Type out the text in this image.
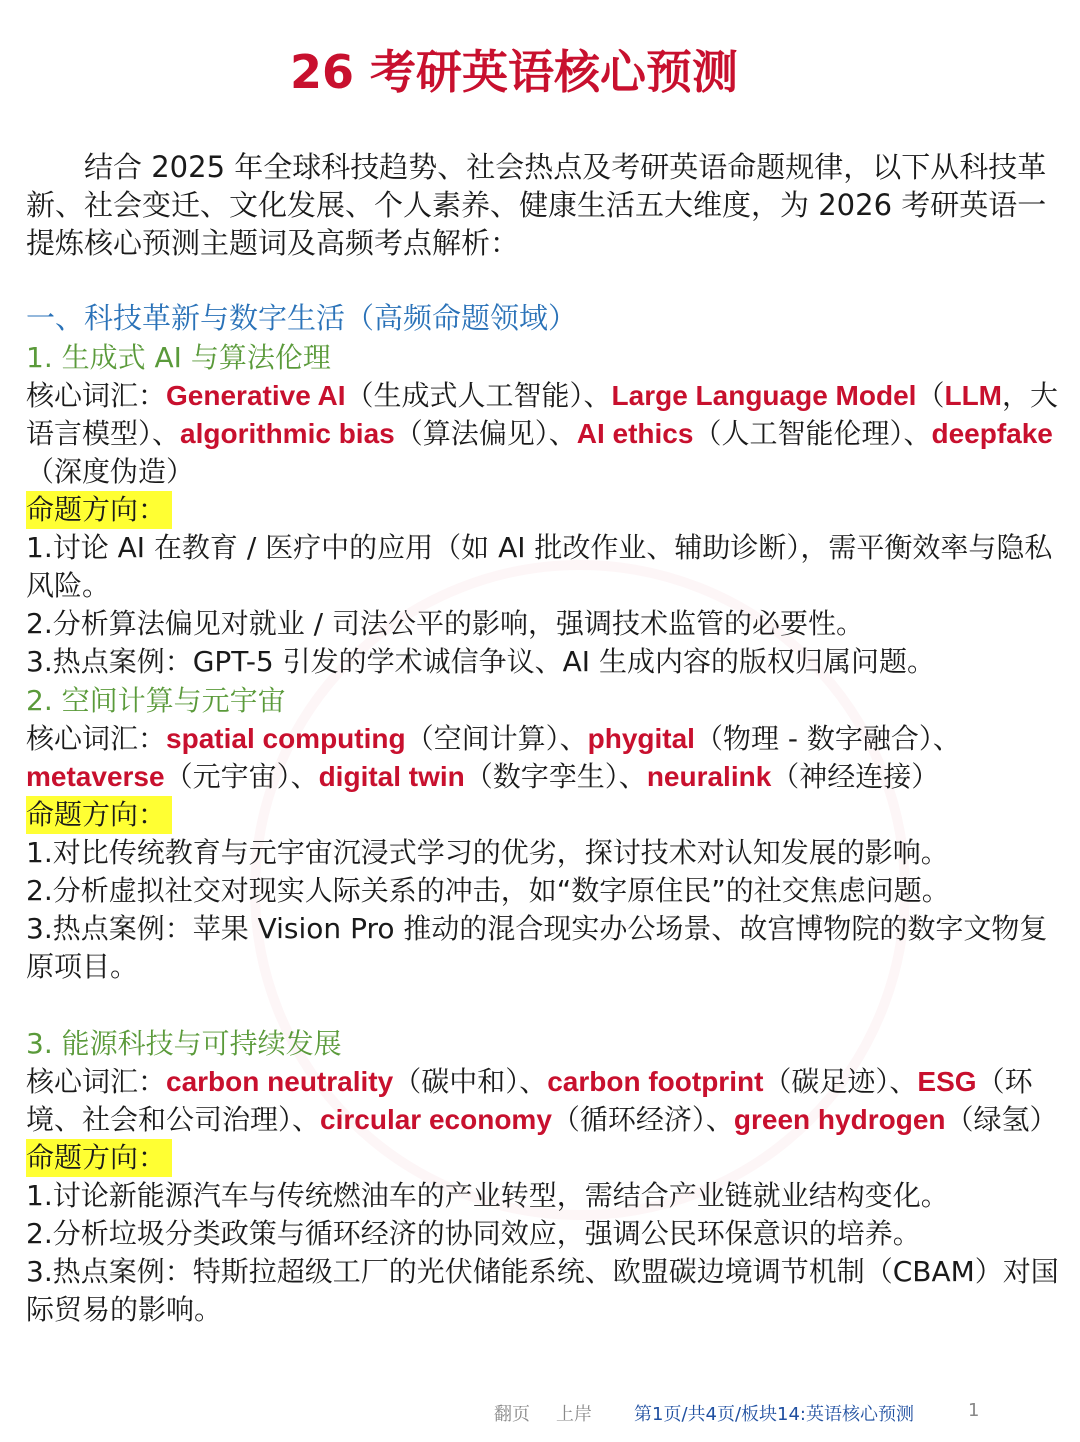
26 考研英语核心预测
　　结合 2025 年全球科技趋势、社会热点及考研英语命题规律，以下从科技革新、社会变迁、文化发展、个人素养、健康生活五大维度，为 2026 考研英语一提炼核心预测主题词及高频考点解析：
一、科技革新与数字生活（高频命题领域）
1. 生成式 AI 与算法伦理
核心词汇：Generative AI（生成式人工智能）、Large Language Model（LLM，大语言模型）、algorithmic bias（算法偏见）、AI ethics（人工智能伦理）、deepfake（深度伪造）
命题方向：
1.讨论 AI 在教育 / 医疗中的应用（如 AI 批改作业、辅助诊断），需平衡效率与隐私风险。
2.分析算法偏见对就业 / 司法公平的影响，强调技术监管的必要性。
3.热点案例：GPT-5 引发的学术诚信争议、AI 生成内容的版权归属问题。
2. 空间计算与元宇宙
核心词汇：spatial computing（空间计算）、phygital（物理 - 数字融合）、metaverse（元宇宙）、digital twin（数字孪生）、neuralink（神经连接）
命题方向：
1.对比传统教育与元宇宙沉浸式学习的优劣，探讨技术对认知发展的影响。
2.分析虚拟社交对现实人际关系的冲击，如“数字原住民”的社交焦虑问题。
3.热点案例：苹果 Vision Pro 推动的混合现实办公场景、故宫博物院的数字文物复原项目。
3. 能源科技与可持续发展
核心词汇：carbon neutrality（碳中和）、carbon footprint（碳足迹）、ESG（环境、社会和公司治理）、circular economy（循环经济）、green hydrogen（绿氢）
命题方向：
1.讨论新能源汽车与传统燃油车的产业转型，需结合产业链就业结构变化。
2.分析垃圾分类政策与循环经济的协同效应，强调公民环保意识的培养。
3.热点案例：特斯拉超级工厂的光伏储能系统、欧盟碳边境调节机制（CBAM）对国际贸易的影响。
翻页 上岸	第1页/共4页/板块14:英语核心预测	1
